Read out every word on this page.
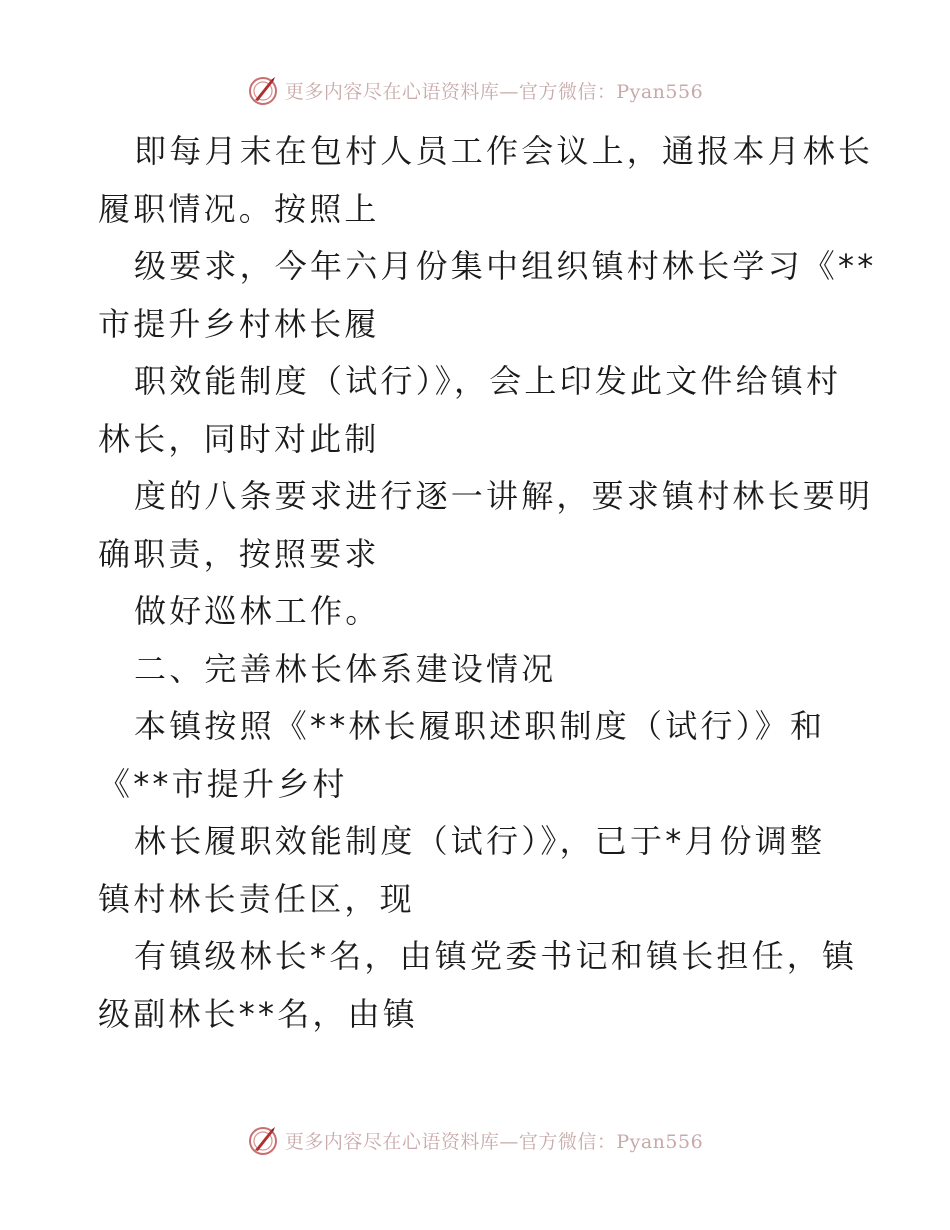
更多内容尽在心语资料库—官方微信：Pyan556
即每月末在包村人员工作会议上，通报本月林长
履职情况。按照上
级要求，今年六月份集中组织镇村林长学习《**
市提升乡村林长履
职效能制度（试行）》，会上印发此文件给镇村
林长，同时对此制
度的八条要求进行逐一讲解，要求镇村林长要明
确职责，按照要求
做好巡林工作。
二、完善林长体系建设情况
本镇按照《**林长履职述职制度（试行）》和
《**市提升乡村
林长履职效能制度（试行）》，已于*月份调整
镇村林长责任区，现
有镇级林长*名，由镇党委书记和镇长担任，镇
级副林长**名，由镇
更多内容尽在心语资料库—官方微信：Pyan556
